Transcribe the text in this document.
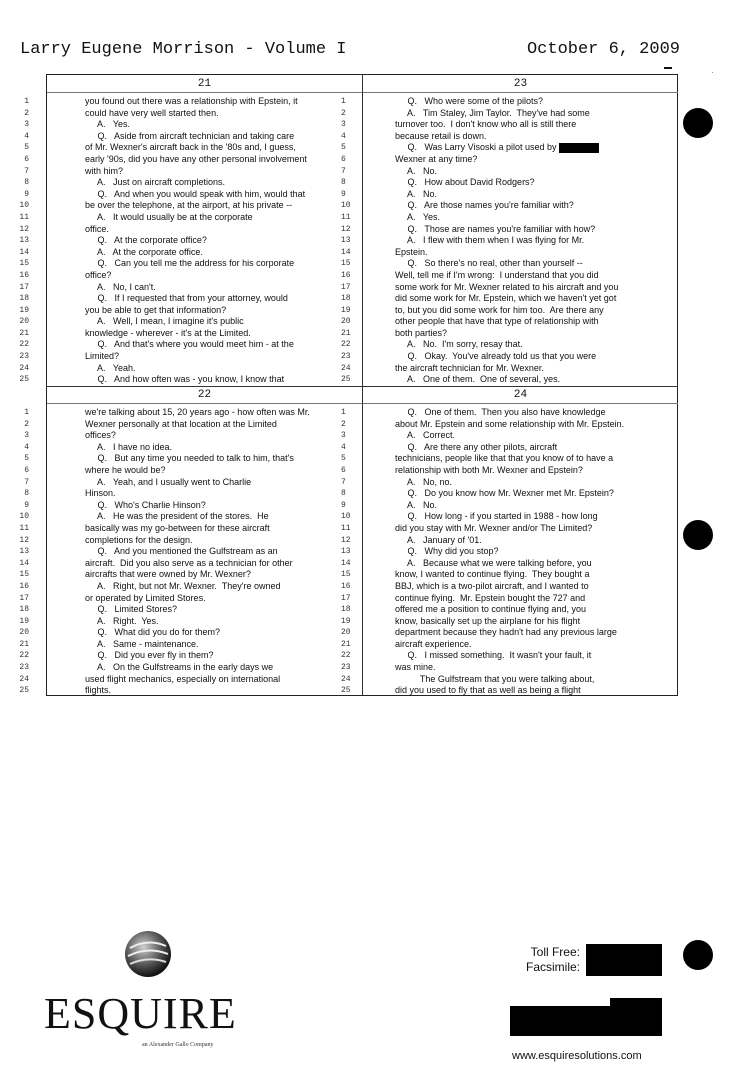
Larry Eugene Morrison - Volume I	October 6, 2009
·
21
1	you found out there was a relationship with Epstein, it
2	could have very well started then.
3	A.   Yes.
4	Q.   Aside from aircraft technician and taking care
5	of Mr. Wexner's aircraft back in the '80s and, I guess,
6	early '90s, did you have any other personal involvement
7	with him?
8	A.   Just on aircraft completions.
9	Q.   And when you would speak with him, would that
10	be over the telephone, at the airport, at his private --
11	A.   It would usually be at the corporate
12	office.
13	Q.   At the corporate office?
14	A.   At the corporate office.
15	Q.   Can you tell me the address for his corporate
16	office?
17	A.   No, I can't.
18	Q.   If I requested that from your attorney, would
19	you be able to get that information?
20	A.   Well, I mean, I imagine it's public
21	knowledge - wherever - it's at the Limited.
22	Q.   And that's where you would meet him - at the
23	Limited?
24	A.   Yeah.
25	Q.   And how often was - you know, I know that
23
1	Q.   Who were some of the pilots?
2	A.   Tim Staley, Jim Taylor.  They've had some
3	turnover too.  I don't know who all is still there
4	because retail is down.
5	Q.   Was Larry Visoski a pilot used by
6	Wexner at any time?
7	A.   No.
8	Q.   How about David Rodgers?
9	A.   No.
10	Q.   Are those names you're familiar with?
11	A.   Yes.
12	Q.   Those are names you're familiar with how?
13	A.   I flew with them when I was flying for Mr.
14	Epstein.
15	Q.   So there's no real, other than yourself --
16	Well, tell me if I'm wrong:  I understand that you did
17	some work for Mr. Wexner related to his aircraft and you
18	did some work for Mr. Epstein, which we haven't yet got
19	to, but you did some work for him too.  Are there any
20	other people that have that type of relationship with
21	both parties?
22	A.   No.  I'm sorry, resay that.
23	Q.   Okay.  You've already told us that you were
24	the aircraft technician for Mr. Wexner.
25	A.   One of them.  One of several, yes.
22
1	we're talking about 15, 20 years ago - how often was Mr.
2	Wexner personally at that location at the Limited
3	offices?
4	A.   I have no idea.
5	Q.   But any time you needed to talk to him, that's
6	where he would be?
7	A.   Yeah, and I usually went to Charlie
8	Hinson.
9	Q.   Who's Charlie Hinson?
10	A.   He was the president of the stores.  He
11	basically was my go-between for these aircraft
12	completions for the design.
13	Q.   And you mentioned the Gulfstream as an
14	aircraft.  Did you also serve as a technician for other
15	aircrafts that were owned by Mr. Wexner?
16	A.   Right, but not Mr. Wexner.  They're owned
17	or operated by Limited Stores.
18	Q.   Limited Stores?
19	A.   Right.  Yes.
20	Q.   What did you do for them?
21	A.   Same - maintenance.
22	Q.   Did you ever fly in them?
23	A.   On the Gulfstreams in the early days we
24	used flight mechanics, especially on international
25	flights.
24
1	Q.   One of them.  Then you also have knowledge
2	about Mr. Epstein and some relationship with Mr. Epstein.
3	A.   Correct.
4	Q.   Are there any other pilots, aircraft
5	technicians, people like that that you know of to have a
6	relationship with both Mr. Wexner and Epstein?
7	A.   No, no.
8	Q.   Do you know how Mr. Wexner met Mr. Epstein?
9	A.   No.
10	Q.   How long - if you started in 1988 - how long
11	did you stay with Mr. Wexner and/or The Limited?
12	A.   January of '01.
13	Q.   Why did you stop?
14	A.   Because what we were talking before, you
15	know, I wanted to continue flying.  They bought a
16	BBJ, which is a two-pilot aircraft, and I wanted to
17	continue flying.  Mr. Epstein bought the 727 and
18	offered me a position to continue flying and, you
19	know, basically set up the airplane for his flight
20	department because they hadn't had any previous large
21	aircraft experience.
22	Q.   I missed something.  It wasn't your fault, it
23	was mine.
24	The Gulfstream that you were talking about,
25	did you used to fly that as well as being a flight
ESQUIRE
an Alexander Gallo Company
Toll Free:
Facsimile:
www.esquiresolutions.com
